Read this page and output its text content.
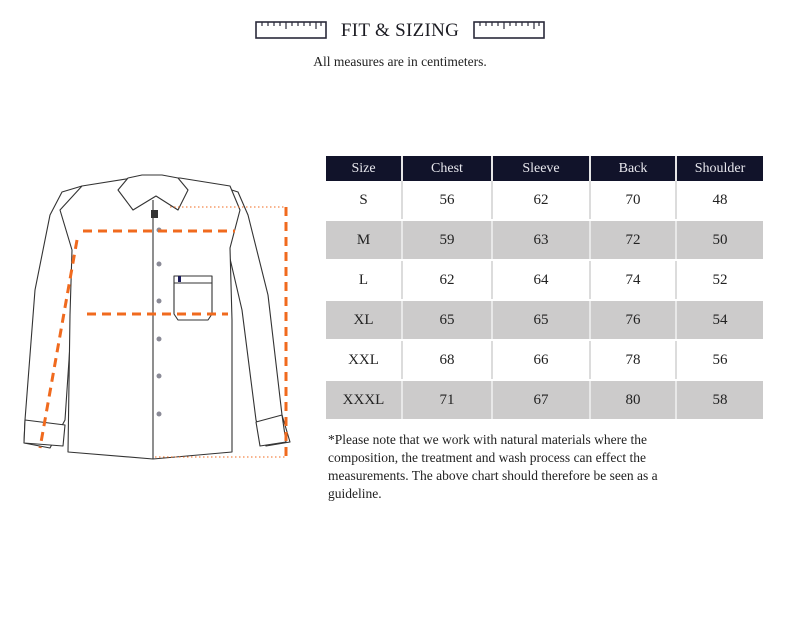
FIT & SIZING
All measures are in centimeters.
Size	Chest	Sleeve	Back	Shoulder
S	56	62	70	48
M	59	63	72	50
L	62	64	74	52
XL	65	65	76	54
XXL	68	66	78	56
XXXL	71	67	80	58
*Please note that we work with natural materials where the composition, the treatment and wash process can effect the measurements. The above chart should therefore be seen as a guideline.
